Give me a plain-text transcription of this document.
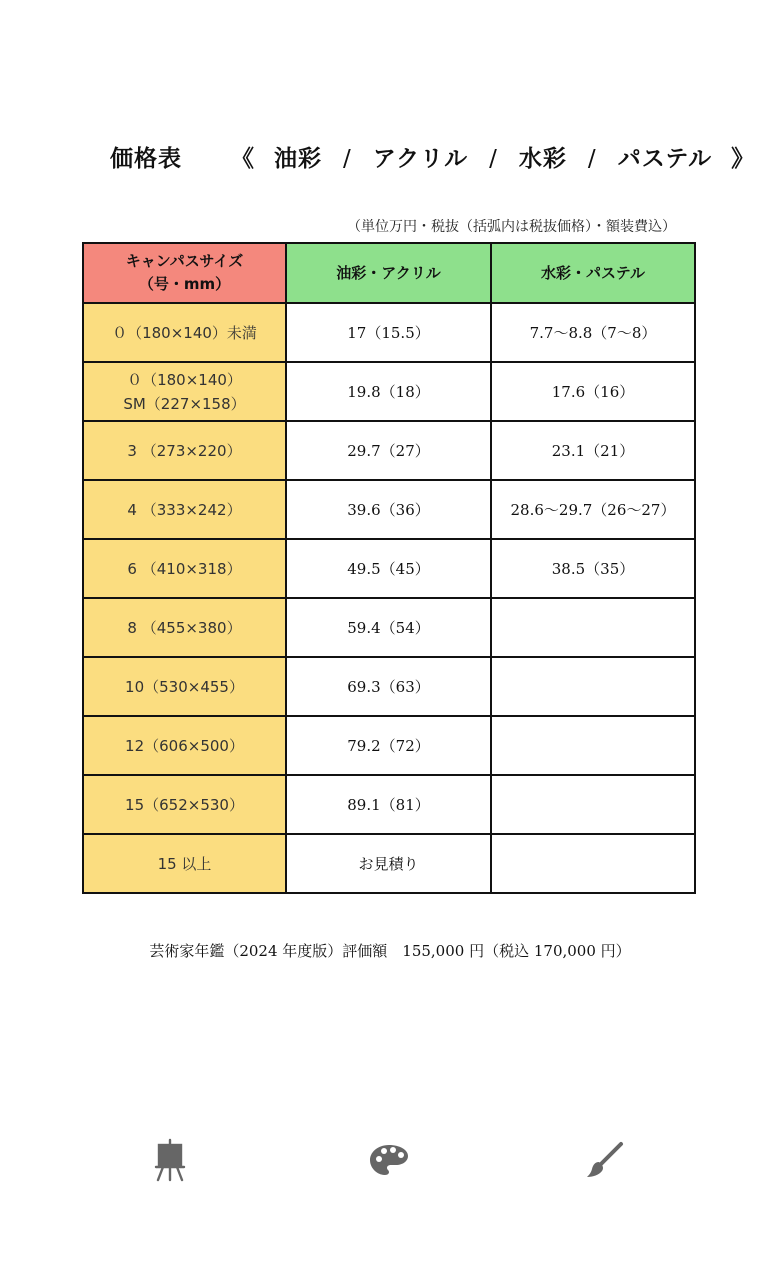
価格表 《 油彩 / アクリル / 水彩 / パステル 》
（単位万円・税抜（括弧内は税抜価格）・額装費込）
キャンパスサイズ
（号・mm）	油彩・アクリル	水彩・パステル
０（180×140）未満	17（15.5）	7.7～8.8（7～8）
０（180×140）
SM（227×158）	19.8（18）	17.6（16）
3 （273×220）	29.7（27）	23.1（21）
4 （333×242）	39.6（36）	28.6～29.7（26～27）
6 （410×318）	49.5（45）	38.5（35）
8 （455×380）	59.4（54）	
10（530×455）	69.3（63）	
12（606×500）	79.2（72）	
15（652×530）	89.1（81）	
15 以上	お見積り	
芸術家年鑑（2024 年度版）評価額　155,000 円（税込 170,000 円）
